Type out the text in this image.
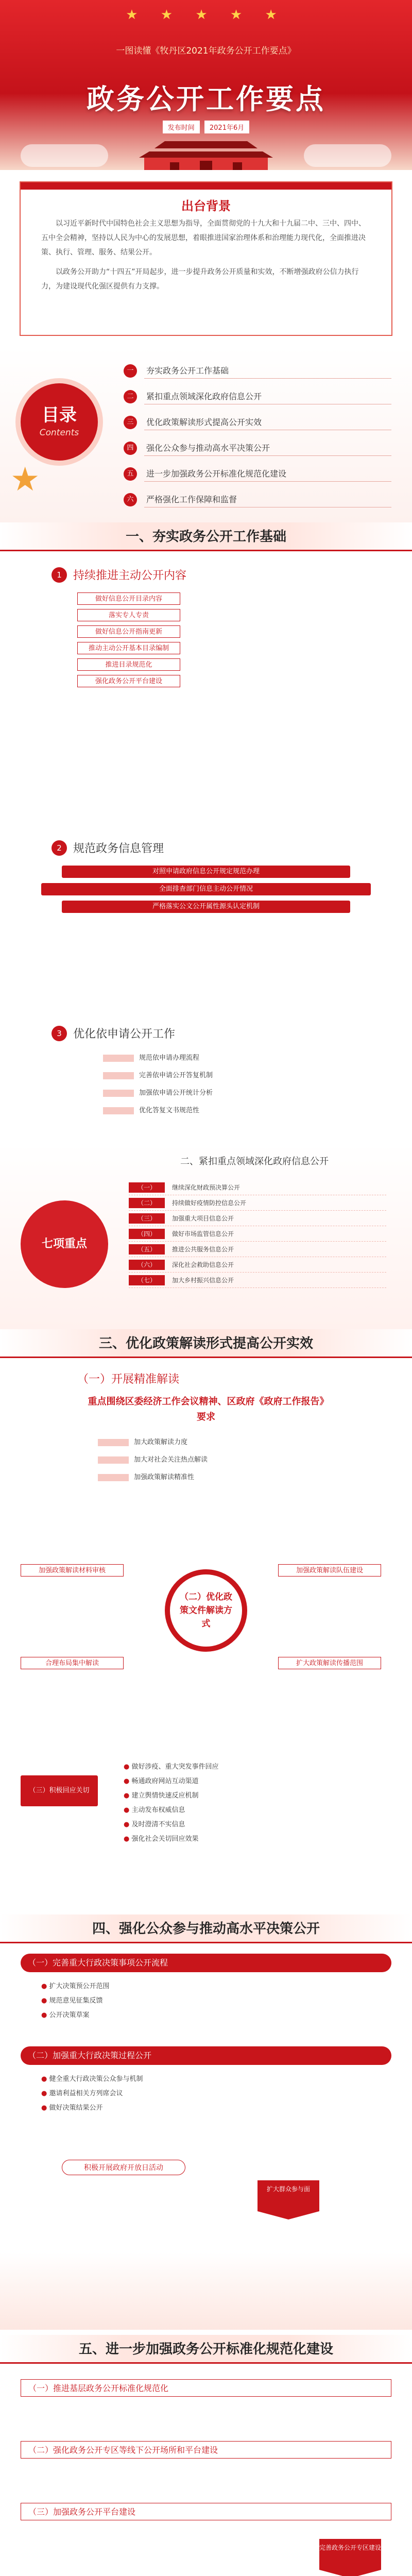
★ ★ ★ ★ ★
一图读懂《牧丹区2021年政务公开工作要点》
政务公开工作要点
发布时间 2021年6月
出台背景

以习近平新时代中国特色社会主义思想为指导，全面贯彻党的十九大和十九届二中、三中、四中、五中全会精神，坚持以人民为中心的发展思想，着眼推进国家治理体系和治理能力现代化，全面推进决策、执行、管理、服务、结果公开。

以政务公开助力“十四五”开局起步，进一步提升政务公开质量和实效，不断增强政府公信力执行力，为建设现代化强区提供有力支撑。

目录
Contents
★
一	夯实政务公开工作基础
二	紧扣重点领域深化政府信息公开
三	优化政策解读形式提高公开实效
四	强化公众参与推动高水平决策公开
五	进一步加强政务公开标准化规范化建设
六	严格强化工作保障和监督
一、夯实政务公开工作基础
1	持续推进主动公开内容
做好信息公开目录内容
落实专人专责
做好信息公开指南更新
推动主动公开基本目录编制
推进目录规范化
强化政务公开平台建设
2	规范政务信息管理
对照申请政府信息公开规定规范办理
全面排查部门信息主动公开情况
严格落实公文公开属性源头认定机制
3	优化依申请公开工作
规范依申请办理流程
完善依申请公开答复机制
加强依申请公开统计分析
优化答复文书规范性
二、紧扣重点领域深化政府信息公开
七项重点
（一）	继续深化财政预决算公开
（二）	持续做好疫情防控信息公开
（三）	加强重大项目信息公开
（四）	做好市场监管信息公开
（五）	推进公共服务信息公开
（六）	深化社会救助信息公开
（七）	加大乡村振兴信息公开
三、优化政策解读形式提高公开实效
（一）开展精准解读
重点围绕区委经济工作会议精神、区政府《政府工作报告》要求
加大政策解读力度
加大对社会关注热点解读
加强政策解读精准性
（二）优化政策文件解读方式
加强政策解读材料审核	加强政策解读队伍建设
合理布局集中解读	扩大政策解读传播范围
（三）积极回应关切
● 做好涉疫、重大突发事件回应
● 畅通政府网站互动渠道
● 建立舆情快速反应机制
● 主动发布权威信息
● 及时澄清不实信息
● 强化社会关切回应效果
四、强化公众参与推动高水平决策公开
（一）完善重大行政决策事项公开流程
● 扩大决策预公开范围
● 规范意见征集反馈
● 公开决策草案
（二）加强重大行政决策过程公开
● 健全重大行政决策公众参与机制
● 邀请利益相关方列席会议
● 做好决策结果公开
积极开展政府开放日活动
扩大群众参与面
五、进一步加强政务公开标准化规范化建设
（一）推进基层政务公开标准化规范化
（二）强化政务公开专区等线下公开场所和平台建设
（三）加强政务公开平台建设
完善政务公开专区建设
